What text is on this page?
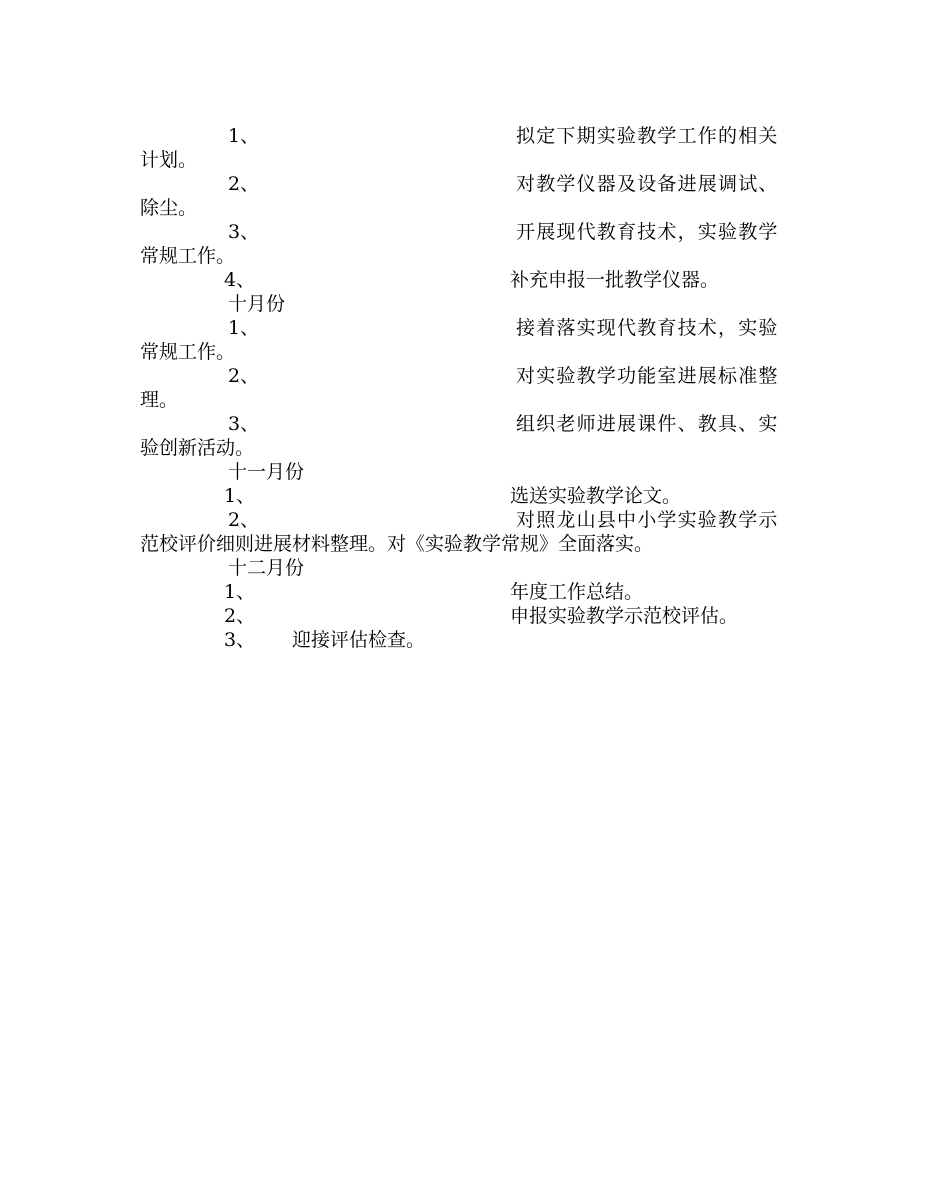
1、	拟定下期实验教学工作的相关
计划。
2、	对教学仪器及设备进展调试、
除尘。
3、	开展现代教育技术，实验教学
常规工作。
4、	补充申报一批教学仪器。
十月份
1、	接着落实现代教育技术，实验
常规工作。
2、	对实验教学功能室进展标准整
理。
3、	组织老师进展课件、教具、实
验创新活动。
十一月份
1、	选送实验教学论文。
2、	对照龙山县中小学实验教学示
范校评价细则进展材料整理。对《实验教学常规》全面落实。
十二月份
1、	年度工作总结。
2、	申报实验教学示范校评估。
3、 迎接评估检查。
